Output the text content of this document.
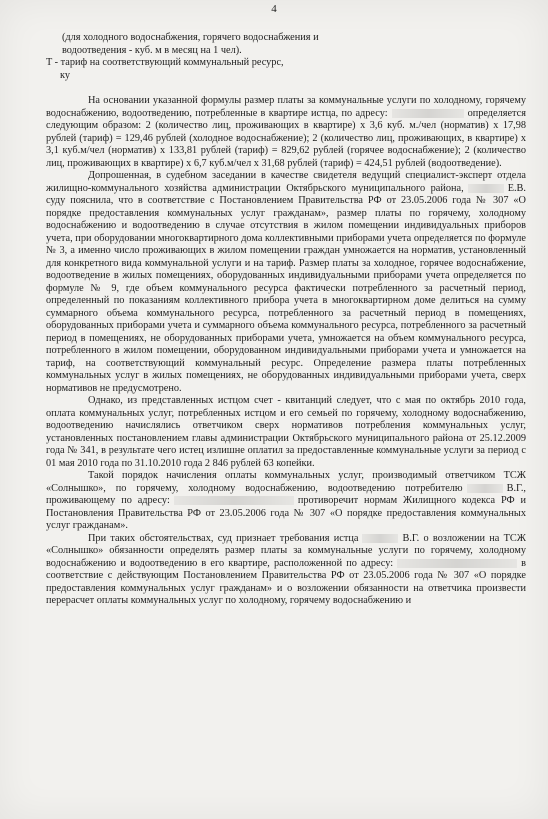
4

(для холодного водоснабжения, горячего водоснабжения и

водоотведения - куб. м в месяц на 1 чел).

T - тариф на соответствующий коммунальный ресурс,

ку

На основании указанной формулы размер платы за коммунальные услуги по холодному, горячему водоснабжению, водоотведению, потребленные в квартире истца, по адресу:	определяется следующим образом: 2 (количество лиц, проживающих в квартире) x 3,6 куб. м./чел (норматив) x 17,98 рублей (тариф) = 129,46 рублей (холодное водоснабжение); 2 (количество лиц, проживающих, в квартире) x 3,1 куб.м/чел (норматив) x 133,81 рублей (тариф) = 829,62 рублей (горячее водоснабжение); 2 (количество лиц, проживающих в квартире) x 6,7 куб.м/чел x 31,68 рублей (тариф) = 424,51 рублей (водоотведение).

Допрошенная, в судебном заседании в качестве свидетеля ведущий специалист-эксперт отдела жилищно-коммунального хозяйства администрации Октябрьского муниципального района,	Е.В. суду пояснила, что в соответствие с Постановлением Правительства РФ от 23.05.2006 года № 307 «О порядке предоставления коммунальных услуг гражданам», размер платы по горячему, холодному водоснабжению и водоотведению в случае отсутствия в жилом помещении индивидуальных приборов учета, при оборудовании многоквартирного дома коллективными приборами учета определяется по формуле № 3, а именно число проживающих в жилом помещении граждан умножается на норматив, установленный для конкретного вида коммунальной услуги и на тариф. Размер платы за холодное, горячее водоснабжение, водоотведение в жилых помещениях, оборудованных индивидуальными приборами учета определяется по формуле № 9, где объем коммунального ресурса фактически потребленного за расчетный период, определенный по показаниям коллективного прибора учета в многоквартирном доме делиться на сумму суммарного объема коммунального ресурса, потребленного за расчетный период в помещениях, оборудованных приборами учета и суммарного объема коммунального ресурса, потребленного за расчетный период в помещениях, не оборудованных приборами учета, умножается на объем коммунального ресурса, потребленного в жилом помещении, оборудованном индивидуальными приборами учета и умножается на тариф, на соответствующий коммунальный ресурс. Определение размера платы потребленных коммунальных услуг в жилых помещениях, не оборудованных индивидуальными приборами учета, сверх нормативов не предусмотрено.

Однако, из представленных истцом счет - квитанций следует, что с мая по октябрь 2010 года, оплата коммунальных услуг, потребленных истцом и его семьей по горячему, холодному водоснабжению, водоотведению начислялись ответчиком сверх нормативов потребления коммунальных услуг, установленных постановлением главы администрации Октябрьского муниципального района от 25.12.2009 года № 341, в результате чего истец излишне оплатил за предоставленные коммунальные услуги за период с 01 мая 2010 года по 31.10.2010 года 2 846 рублей 63 копейки.

Такой порядок начисления оплаты коммунальных услуг, производимый ответчиком ТСЖ «Солнышко», по горячему, холодному водоснабжению, водоотведению потребителю	В.Г., проживающему по адресу:	противоречит нормам Жилищного кодекса РФ и Постановления Правительства РФ от 23.05.2006 года № 307 «О порядке предоставления коммунальных услуг гражданам».

При таких обстоятельствах, суд признает требования истца	В.Г. о возложении на ТСЖ «Солнышко» обязанности определять размер платы за коммунальные услуги по горячему, холодному водоснабжению и водоотведению в его квартире, расположенной по адресу:	в соответствие с действующим Постановлением Правительства РФ от 23.05.2006 года № 307 «О порядке предоставления коммунальных услуг гражданам» и о возложении обязанности на ответчика произвести перерасчет оплаты коммунальных услуг по холодному, горячему водоснабжению и
